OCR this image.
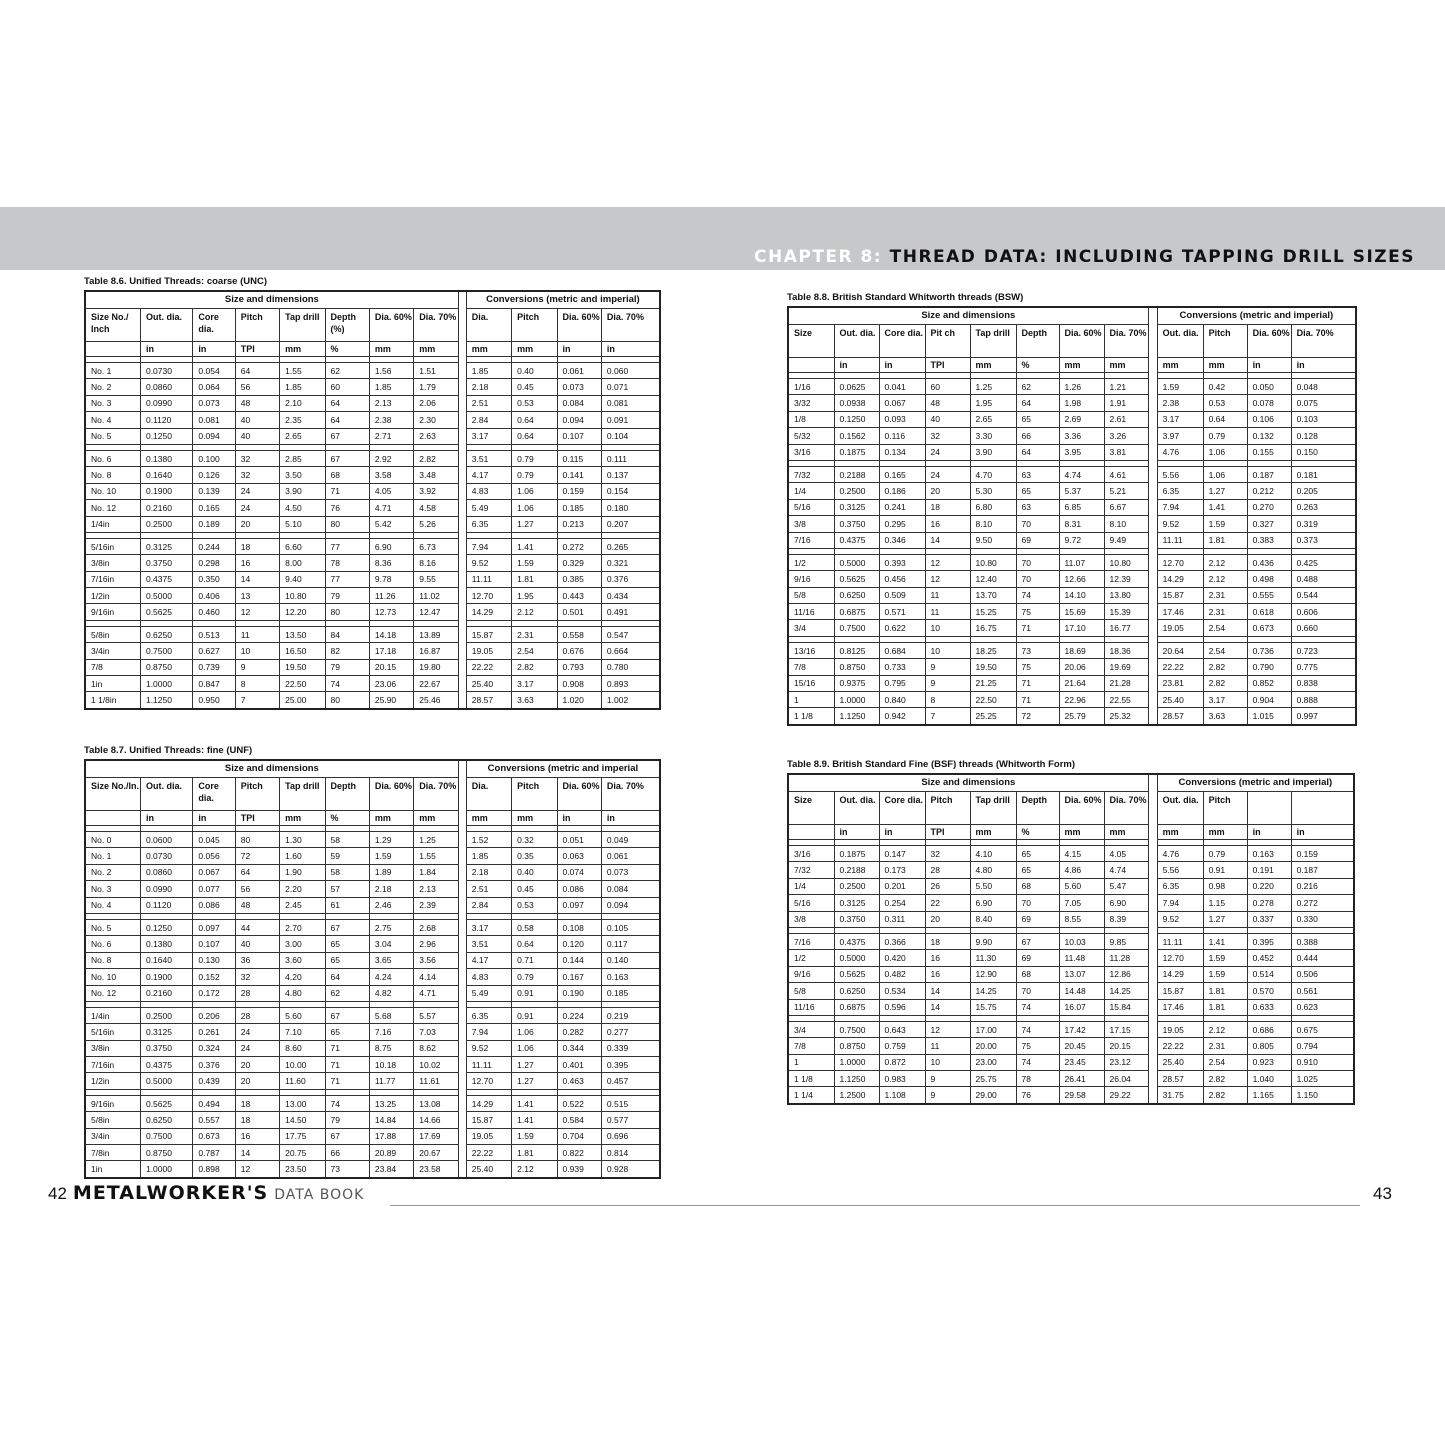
CHAPTER 8: THREAD DATA: INCLUDING TAPPING DRILL SIZES
Table 8.6. Unified Threads: coarse (UNC)
Size and dimensions									Conversions (metric and imperial)			
Size No./ Inch	Out. dia.	Core dia.	Pitch	Tap drill	Depth (%)	Dia. 60%	Dia. 70%		Dia.	Pitch	Dia. 60%	Dia. 70%
	in	in	TPI	mm	%	mm	mm		mm	mm	in	in

No. 1	0.0730	0.054	64	1.55	62	1.56	1.51		1.85	0.40	0.061	0.060
No. 2	0.0860	0.064	56	1.85	60	1.85	1.79		2.18	0.45	0.073	0.071
No. 3	0.0990	0.073	48	2.10	64	2.13	2.06		2.51	0.53	0.084	0.081
No. 4	0.1120	0.081	40	2.35	64	2.38	2.30		2.84	0.64	0.094	0.091
No. 5	0.1250	0.094	40	2.65	67	2.71	2.63		3.17	0.64	0.107	0.104

No. 6	0.1380	0.100	32	2.85	67	2.92	2.82		3.51	0.79	0.115	0.111
No. 8	0.1640	0.126	32	3.50	68	3.58	3.48		4.17	0.79	0.141	0.137
No. 10	0.1900	0.139	24	3.90	71	4.05	3.92		4.83	1.06	0.159	0.154
No. 12	0.2160	0.165	24	4.50	76	4.71	4.58		5.49	1.06	0.185	0.180
1/4in	0.2500	0.189	20	5.10	80	5.42	5.26		6.35	1.27	0.213	0.207

5/16in	0.3125	0.244	18	6.60	77	6.90	6.73		7.94	1.41	0.272	0.265
3/8in	0.3750	0.298	16	8.00	78	8.36	8.16		9.52	1.59	0.329	0.321
7/16in	0.4375	0.350	14	9.40	77	9.78	9.55		11.11	1.81	0.385	0.376
1/2in	0.5000	0.406	13	10.80	79	11.26	11.02		12.70	1.95	0.443	0.434
9/16in	0.5625	0.460	12	12.20	80	12.73	12.47		14.29	2.12	0.501	0.491

5/8in	0.6250	0.513	11	13.50	84	14.18	13.89		15.87	2.31	0.558	0.547
3/4in	0.7500	0.627	10	16.50	82	17.18	16.87		19.05	2.54	0.676	0.664
7/8	0.8750	0.739	9	19.50	79	20.15	19.80		22.22	2.82	0.793	0.780
1in	1.0000	0.847	8	22.50	74	23.06	22.67		25.40	3.17	0.908	0.893
1 1/8in	1.1250	0.950	7	25.00	80	25.90	25.46		28.57	3.63	1.020	1.002
Table 8.7. Unified Threads: fine (UNF)
Size and dimensions									Conversions (metric and imperial			
Size No./In.	Out. dia.	Core dia.	Pitch	Tap drill	Depth	Dia. 60%	Dia. 70%		Dia.	Pitch	Dia. 60%	Dia. 70%
	in	in	TPI	mm	%	mm	mm		mm	mm	in	in

No. 0	0.0600	0.045	80	1.30	58	1.29	1.25		1.52	0.32	0.051	0.049
No. 1	0.0730	0.056	72	1.60	59	1.59	1.55		1.85	0.35	0.063	0.061
No. 2	0.0860	0.067	64	1.90	58	1.89	1.84		2.18	0.40	0.074	0.073
No. 3	0.0990	0.077	56	2.20	57	2.18	2.13		2.51	0.45	0.086	0.084
No. 4	0.1120	0.086	48	2.45	61	2.46	2.39		2.84	0.53	0.097	0.094

No. 5	0.1250	0.097	44	2.70	67	2.75	2.68		3.17	0.58	0.108	0.105
No. 6	0.1380	0.107	40	3.00	65	3.04	2.96		3.51	0.64	0.120	0.117
No. 8	0.1640	0.130	36	3.60	65	3.65	3.56		4.17	0.71	0.144	0.140
No. 10	0.1900	0.152	32	4.20	64	4.24	4.14		4.83	0.79	0.167	0.163
No. 12	0.2160	0.172	28	4.80	62	4.82	4.71		5.49	0.91	0.190	0.185

1/4in	0.2500	0.206	28	5.60	67	5.68	5.57		6.35	0.91	0.224	0.219
5/16in	0.3125	0.261	24	7.10	65	7.16	7.03		7.94	1.06	0.282	0.277
3/8in	0.3750	0.324	24	8.60	71	8.75	8.62		9.52	1.06	0.344	0.339
7/16in	0.4375	0.376	20	10.00	71	10.18	10.02		11.11	1.27	0.401	0.395
1/2in	0.5000	0.439	20	11.60	71	11.77	11.61		12.70	1.27	0.463	0.457

9/16in	0.5625	0.494	18	13.00	74	13.25	13.08		14.29	1.41	0.522	0.515
5/8in	0.6250	0.557	18	14.50	79	14.84	14.66		15.87	1.41	0.584	0.577
3/4in	0.7500	0.673	16	17.75	67	17.88	17.69		19.05	1.59	0.704	0.696
7/8in	0.8750	0.787	14	20.75	66	20.89	20.67		22.22	1.81	0.822	0.814
1in	1.0000	0.898	12	23.50	73	23.84	23.58		25.40	2.12	0.939	0.928
Table 8.8. British Standard Whitworth threads (BSW)
Size and dimensions									Conversions (metric and imperial)			
Size	Out. dia.	Core dia.	Pit ch	Tap drill	Depth	Dia. 60%	Dia. 70%		Out. dia.	Pitch	Dia. 60%	Dia. 70%
	in	in	TPI	mm	%	mm	mm		mm	mm	in	in

1/16	0.0625	0.041	60	1.25	62	1.26	1.21		1.59	0.42	0.050	0.048
3/32	0.0938	0.067	48	1.95	64	1.98	1.91		2.38	0.53	0.078	0.075
1/8	0.1250	0.093	40	2.65	65	2.69	2.61		3.17	0.64	0.106	0.103
5/32	0.1562	0.116	32	3.30	66	3.36	3.26		3.97	0.79	0.132	0.128
3/16	0.1875	0.134	24	3.90	64	3.95	3.81		4.76	1.06	0.155	0.150

7/32	0.2188	0.165	24	4.70	63	4.74	4.61		5.56	1.06	0.187	0.181
1/4	0.2500	0.186	20	5.30	65	5.37	5.21		6.35	1.27	0.212	0.205
5/16	0.3125	0.241	18	6.80	63	6.85	6.67		7.94	1.41	0.270	0.263
3/8	0.3750	0.295	16	8.10	70	8.31	8.10		9.52	1.59	0.327	0.319
7/16	0.4375	0.346	14	9.50	69	9.72	9.49		11.11	1.81	0.383	0.373

1/2	0.5000	0.393	12	10.80	70	11.07	10.80		12.70	2.12	0.436	0.425
9/16	0.5625	0.456	12	12.40	70	12.66	12.39		14.29	2.12	0.498	0.488
5/8	0.6250	0.509	11	13.70	74	14.10	13.80		15.87	2.31	0.555	0.544
11/16	0.6875	0.571	11	15.25	75	15.69	15.39		17.46	2.31	0.618	0.606
3/4	0.7500	0.622	10	16.75	71	17.10	16.77		19.05	2.54	0.673	0.660

13/16	0.8125	0.684	10	18.25	73	18.69	18.36		20.64	2.54	0.736	0.723
7/8	0.8750	0.733	9	19.50	75	20.06	19.69		22.22	2.82	0.790	0.775
15/16	0.9375	0.795	9	21.25	71	21.64	21.28		23.81	2.82	0.852	0.838
1	1.0000	0.840	8	22.50	71	22.96	22.55		25.40	3.17	0.904	0.888
1 1/8	1.1250	0.942	7	25.25	72	25.79	25.32		28.57	3.63	1.015	0.997
Table 8.9. British Standard Fine (BSF) threads (Whitworth Form)
Size and dimensions									Conversions (metric and imperial)			
Size	Out. dia.	Core dia.	Pitch	Tap drill	Depth	Dia. 60%	Dia. 70%		Out. dia.	Pitch		
	in	in	TPI	mm	%	mm	mm		mm	mm	in	in

3/16	0.1875	0.147	32	4.10	65	4.15	4.05		4.76	0.79	0.163	0.159
7/32	0.2188	0.173	28	4.80	65	4.86	4.74		5.56	0.91	0.191	0.187
1/4	0.2500	0.201	26	5.50	68	5.60	5.47		6.35	0.98	0.220	0.216
5/16	0.3125	0.254	22	6.90	70	7.05	6.90		7.94	1.15	0.278	0.272
3/8	0.3750	0.311	20	8.40	69	8.55	8.39		9.52	1.27	0.337	0.330

7/16	0.4375	0.366	18	9.90	67	10.03	9.85		11.11	1.41	0.395	0.388
1/2	0.5000	0.420	16	11.30	69	11.48	11.28		12.70	1.59	0.452	0.444
9/16	0.5625	0.482	16	12.90	68	13.07	12.86		14.29	1.59	0.514	0.506
5/8	0.6250	0.534	14	14.25	70	14.48	14.25		15.87	1.81	0.570	0.561
11/16	0.6875	0.596	14	15.75	74	16.07	15.84		17.46	1.81	0.633	0.623

3/4	0.7500	0.643	12	17.00	74	17.42	17.15		19.05	2.12	0.686	0.675
7/8	0.8750	0.759	11	20.00	75	20.45	20.15		22.22	2.31	0.805	0.794
1	1.0000	0.872	10	23.00	74	23.45	23.12		25.40	2.54	0.923	0.910
1 1/8	1.1250	0.983	9	25.75	78	26.41	26.04		28.57	2.82	1.040	1.025
1 1/4	1.2500	1.108	9	29.00	76	29.58	29.22		31.75	2.82	1.165	1.150
42 METALWORKER'S DATA BOOK	43
